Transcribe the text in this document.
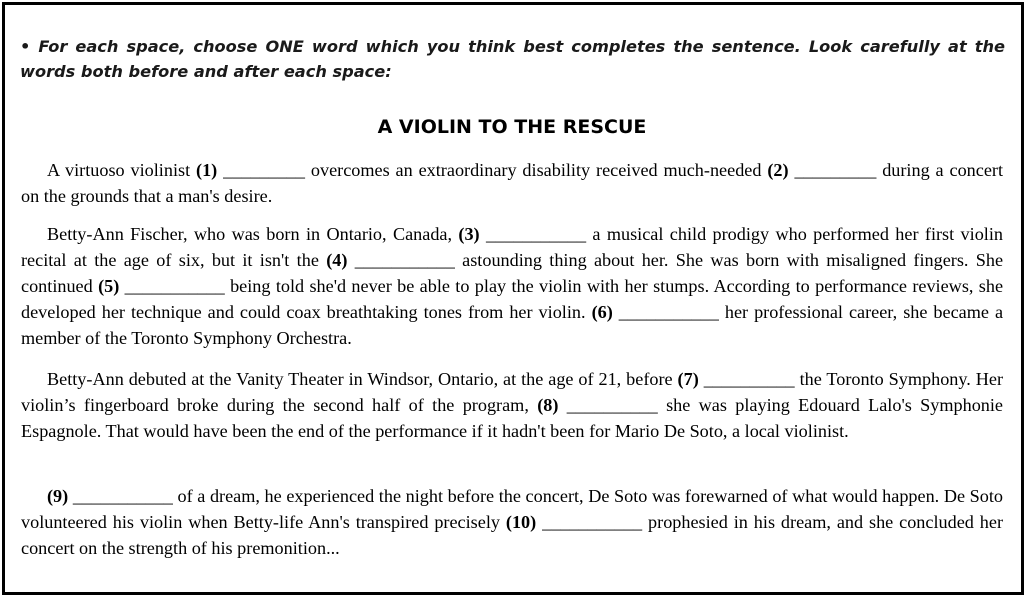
• For each space, choose ONE word which you think best completes the sentence. Look carefully at the words both before and after each space:
A VIOLIN TO THE RESCUE
A virtuoso violinist (1) _________ overcomes an extraordinary disability received much-needed (2) _________ during a concert on the grounds that a man's desire.
Betty-Ann Fischer, who was born in Ontario, Canada, (3) ___________ a musical child prodigy who performed her first violin recital at the age of six, but it isn't the (4) ___________ astounding thing about her. She was born with misaligned fingers. She continued (5) ___________ being told she'd never be able to play the violin with her stumps. According to performance reviews, she developed her technique and could coax breathtaking tones from her violin. (6) ___________ her professional career, she became a member of the Toronto Symphony Orchestra.
Betty-Ann debuted at the Vanity Theater in Windsor, Ontario, at the age of 21, before (7) __________ the Toronto Symphony. Her violin’s fingerboard broke during the second half of the program, (8) __________ she was playing Edouard Lalo's Symphonie Espagnole. That would have been the end of the performance if it hadn't been for Mario De Soto, a local violinist.
(9) ___________ of a dream, he experienced the night before the concert, De Soto was forewarned of what would happen. De Soto volunteered his violin when Betty-life Ann's transpired precisely (10) ___________ prophesied in his dream, and she concluded her concert on the strength of his premonition...
